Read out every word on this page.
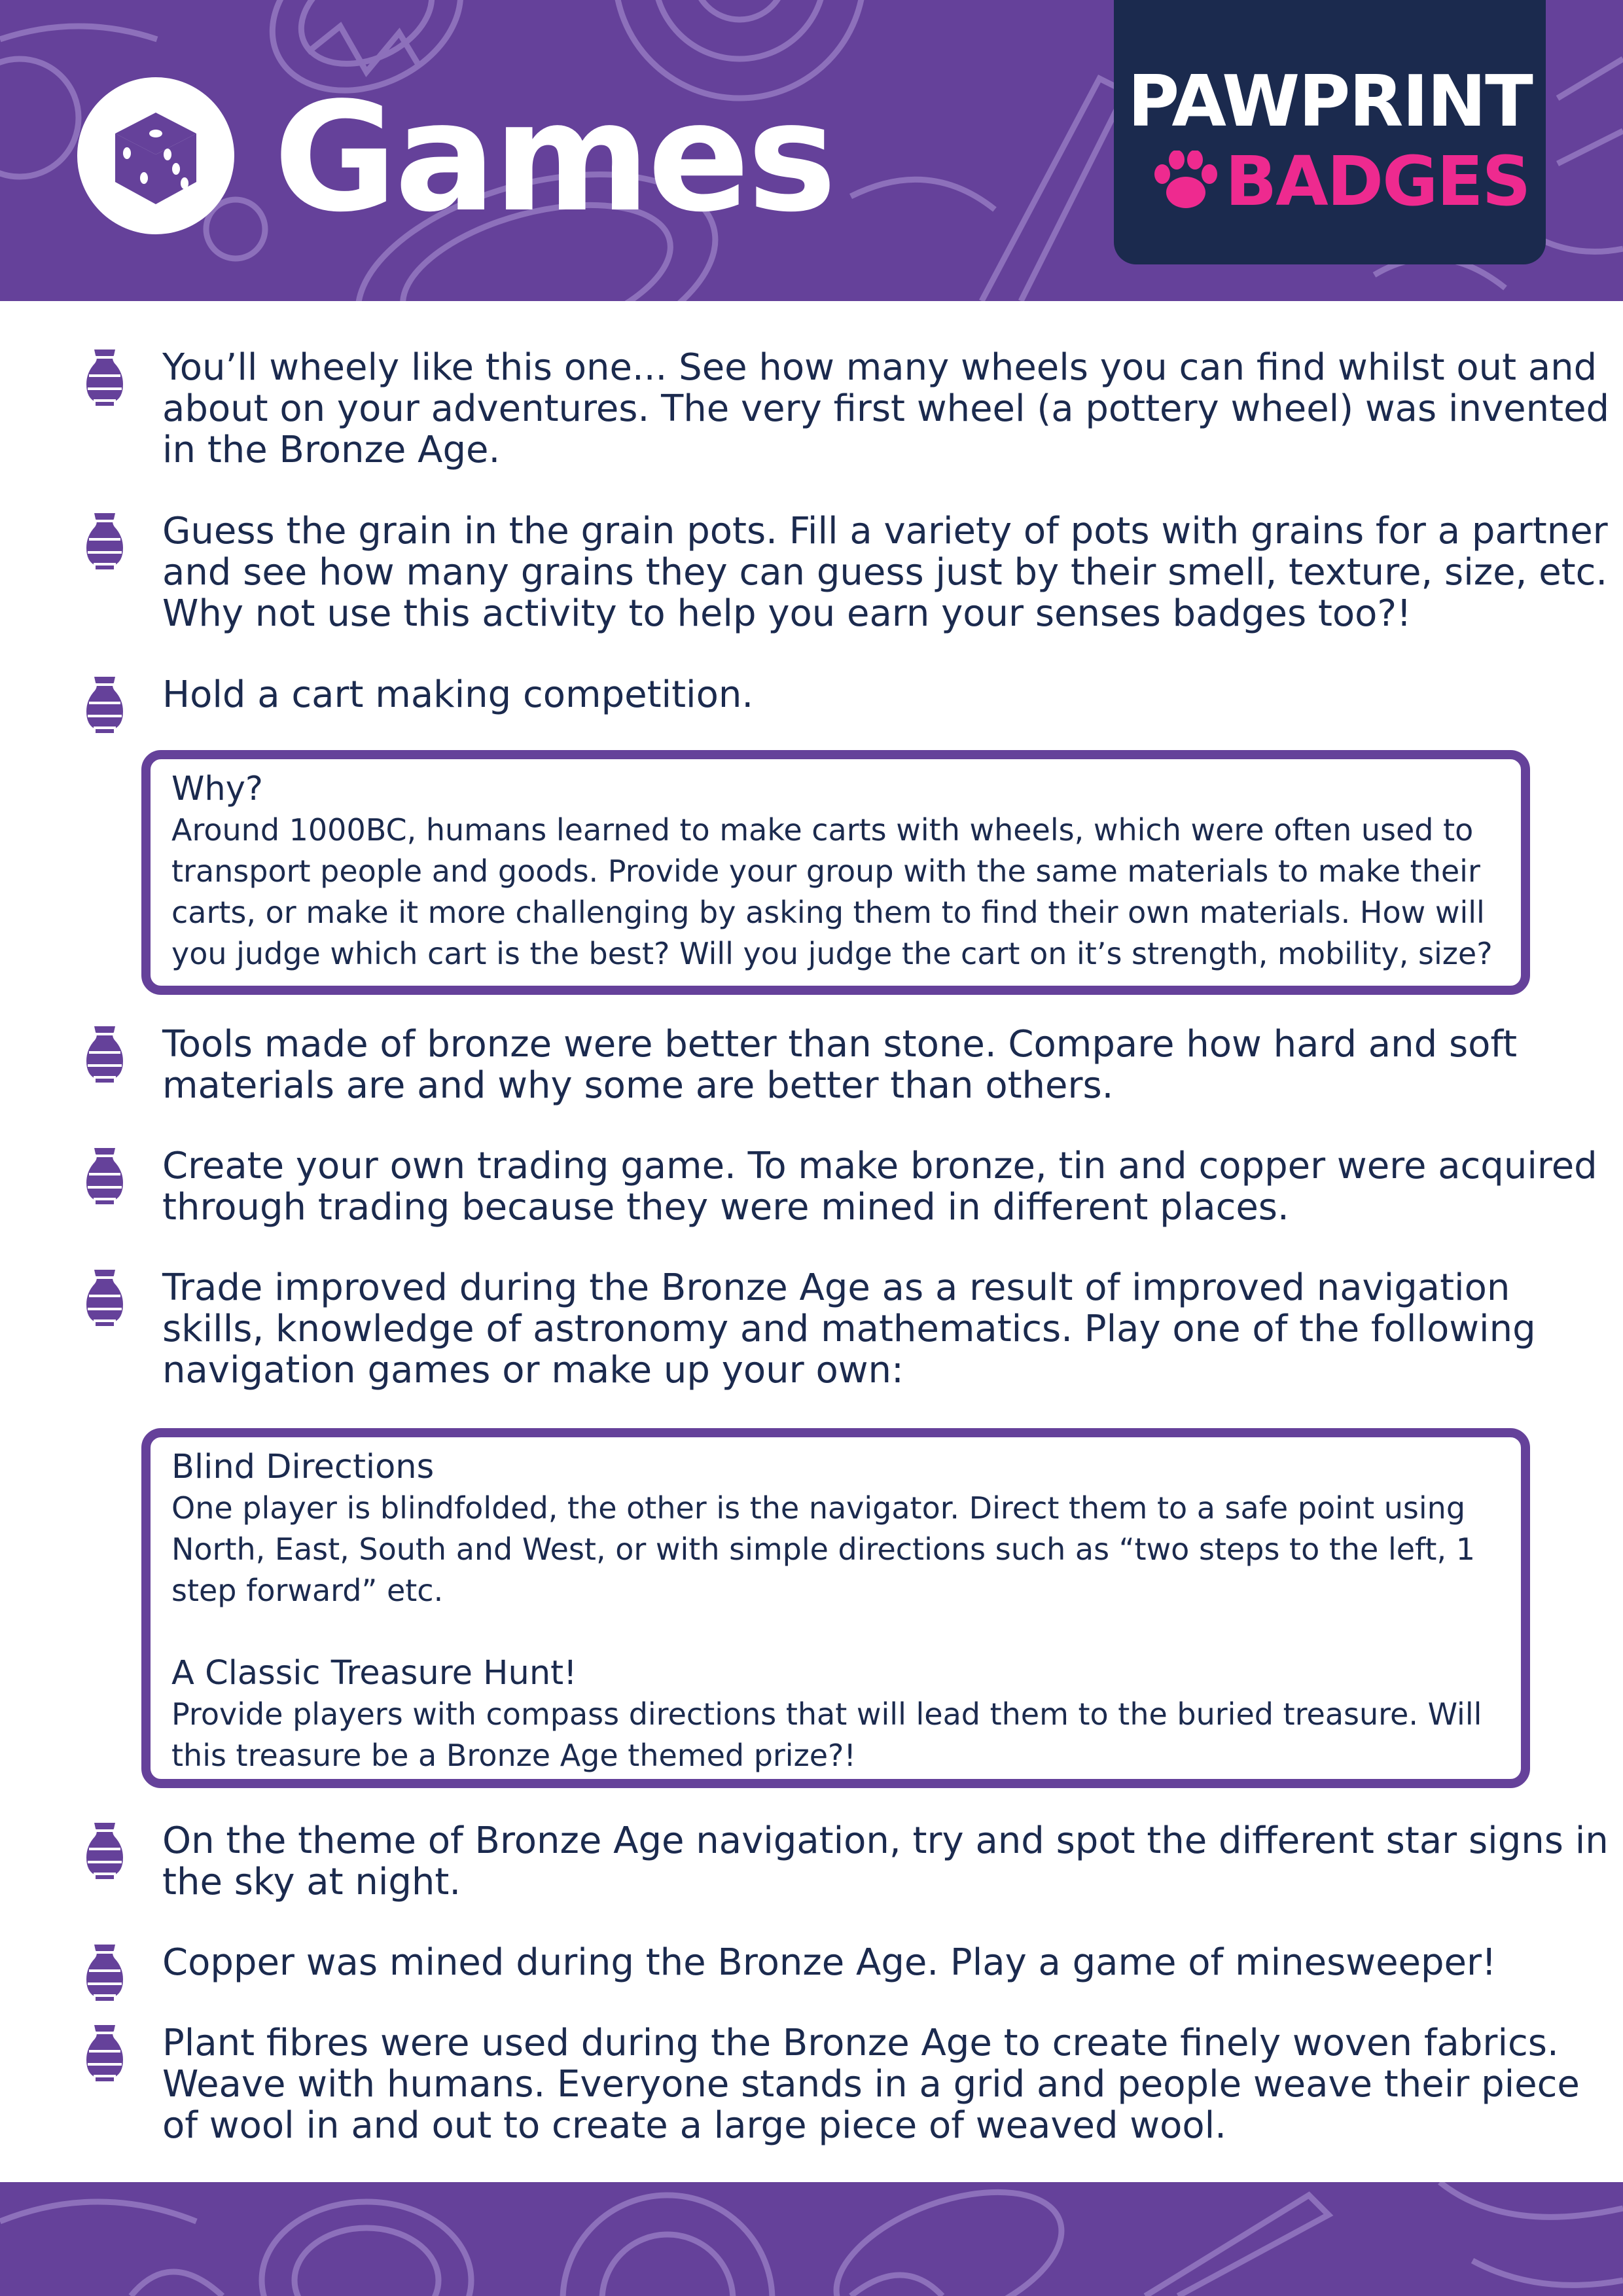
Games	PAWPRINT
BADGES
You’ll wheely like this one... See how many wheels you can find whilst out and about on your adventures. The very first wheel (a pottery wheel) was invented in the Bronze Age.
Guess the grain in the grain pots. Fill a variety of pots with grains for a partner and see how many grains they can guess just by their smell, texture, size, etc. Why not use this activity to help you earn your senses badges too?!
Hold a cart making competition.
Why?
Around 1000BC, humans learned to make carts with wheels, which were often used to transport people and goods. Provide your group with the same materials to make their carts, or make it more challenging by asking them to find their own materials. How will you judge which cart is the best? Will you judge the cart on it’s strength, mobility, size?
Tools made of bronze were better than stone. Compare how hard and soft materials are and why some are better than others.
Create your own trading game. To make bronze, tin and copper were acquired through trading because they were mined in different places.
Trade improved during the Bronze Age as a result of improved navigation skills, knowledge of astronomy and mathematics. Play one of the following navigation games or make up your own:
Blind Directions
One player is blindfolded, the other is the navigator. Direct them to a safe point using North, East, South and West, or with simple directions such as “two steps to the left, 1 step forward” etc.
A Classic Treasure Hunt!
Provide players with compass directions that will lead them to the buried treasure. Will this treasure be a Bronze Age themed prize?!
On the theme of Bronze Age navigation, try and spot the different star signs in the sky at night.
Copper was mined during the Bronze Age. Play a game of minesweeper!
Plant fibres were used during the Bronze Age to create finely woven fabrics. Weave with humans. Everyone stands in a grid and people weave their piece of wool in and out to create a large piece of weaved wool.
